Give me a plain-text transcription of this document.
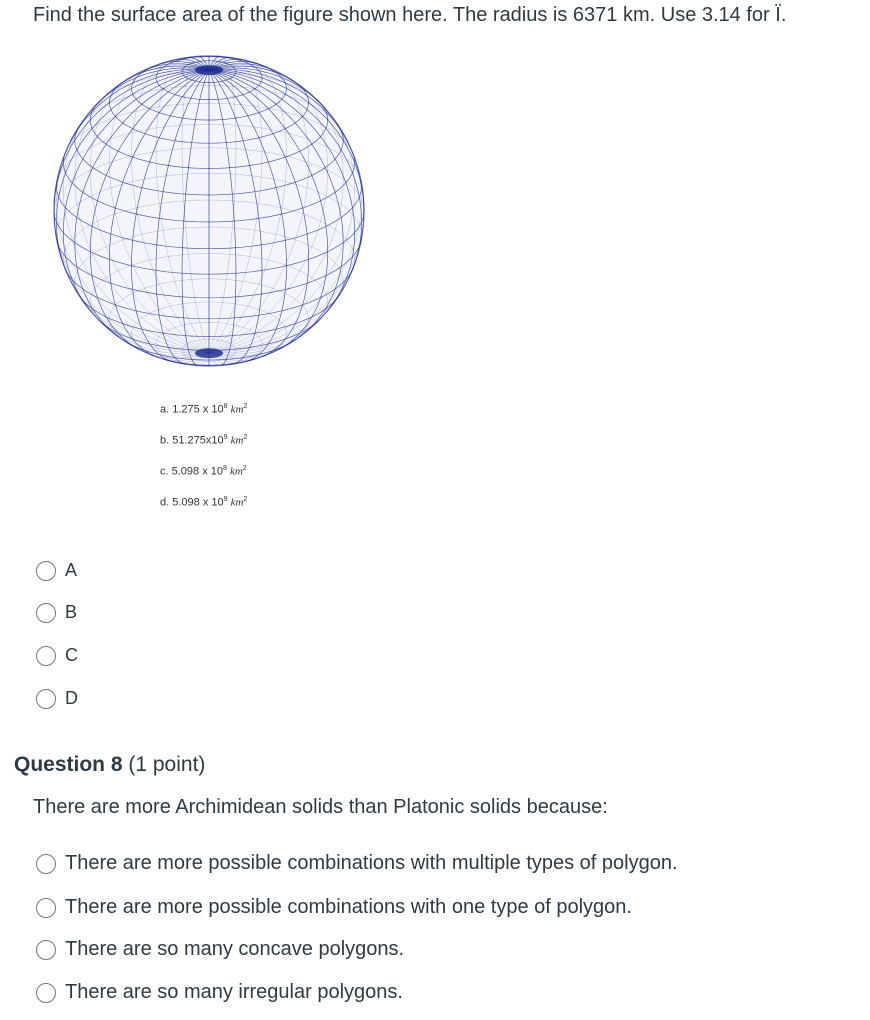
Find the surface area of the figure shown here. The radius is 6371 km. Use 3.14 for Ï.
a. 1.275 x $10^8$ $km^2$
b. $51.275x10^9$ $km^2$
c. 5.098 x $10^8$ $km^2$
d. 5.098 x $10^9$ $km^2$
A
B
C
D
Question 8 (1 point)
There are more Archimidean solids than Platonic solids because:
There are more possible combinations with multiple types of polygon.
There are more possible combinations with one type of polygon.
There are so many concave polygons.
There are so many irregular polygons.
